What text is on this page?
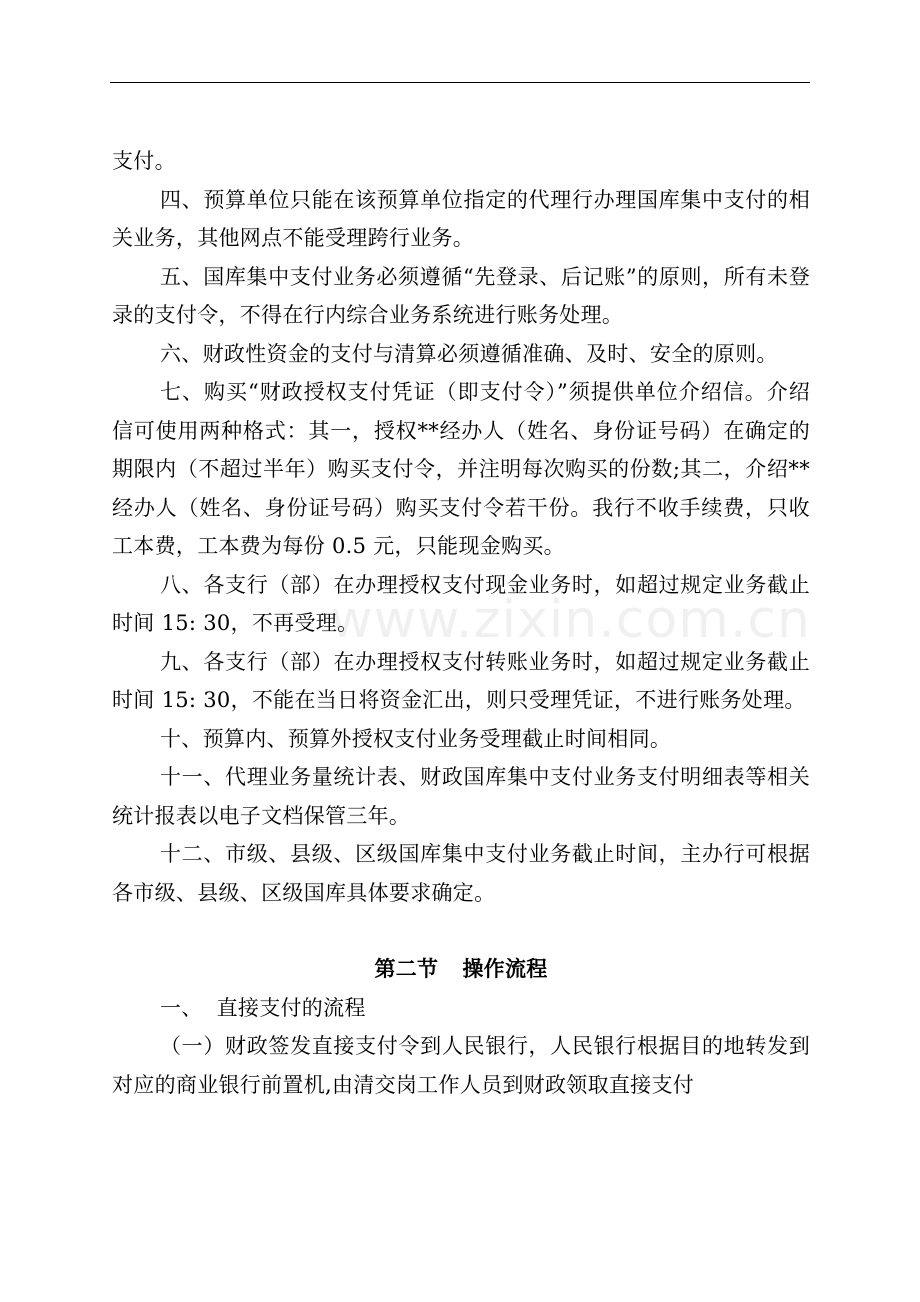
www.zixin.com.cn

支付。

四、预算单位只能在该预算单位指定的代理行办理国库集中支付的相关业务，其他网点不能受理跨行业务。

五、国库集中支付业务必须遵循“先登录、后记账”的原则，所有未登录的支付令，不得在行内综合业务系统进行账务处理。

六、财政性资金的支付与清算必须遵循准确、及时、安全的原则。

七、购买“财政授权支付凭证（即支付令）”须提供单位介绍信。介绍信可使用两种格式：其一，授权**经办人（姓名、身份证号码）在确定的期限内（不超过半年）购买支付令，并注明每次购买的份数;其二，介绍**经办人（姓名、身份证号码）购买支付令若干份。我行不收手续费，只收工本费，工本费为每份 0.5 元，只能现金购买。

八、各支行（部）在办理授权支付现金业务时，如超过规定业务截止时间 15: 30，不再受理。

九、各支行（部）在办理授权支付转账业务时，如超过规定业务截止时间 15: 30，不能在当日将资金汇出，则只受理凭证，不进行账务处理。

十、预算内、预算外授权支付业务受理截止时间相同。

十一、代理业务量统计表、财政国库集中支付业务支付明细表等相关统计报表以电子文档保管三年。

十二、市级、县级、区级国库集中支付业务截止时间，主办行可根据各市级、县级、区级国库具体要求确定。

第二节 操作流程

一、 直接支付的流程

（一）财政签发直接支付令到人民银行，人民银行根据目的地转发到对应的商业银行前置机,由清交岗工作人员到财政领取直接支付
